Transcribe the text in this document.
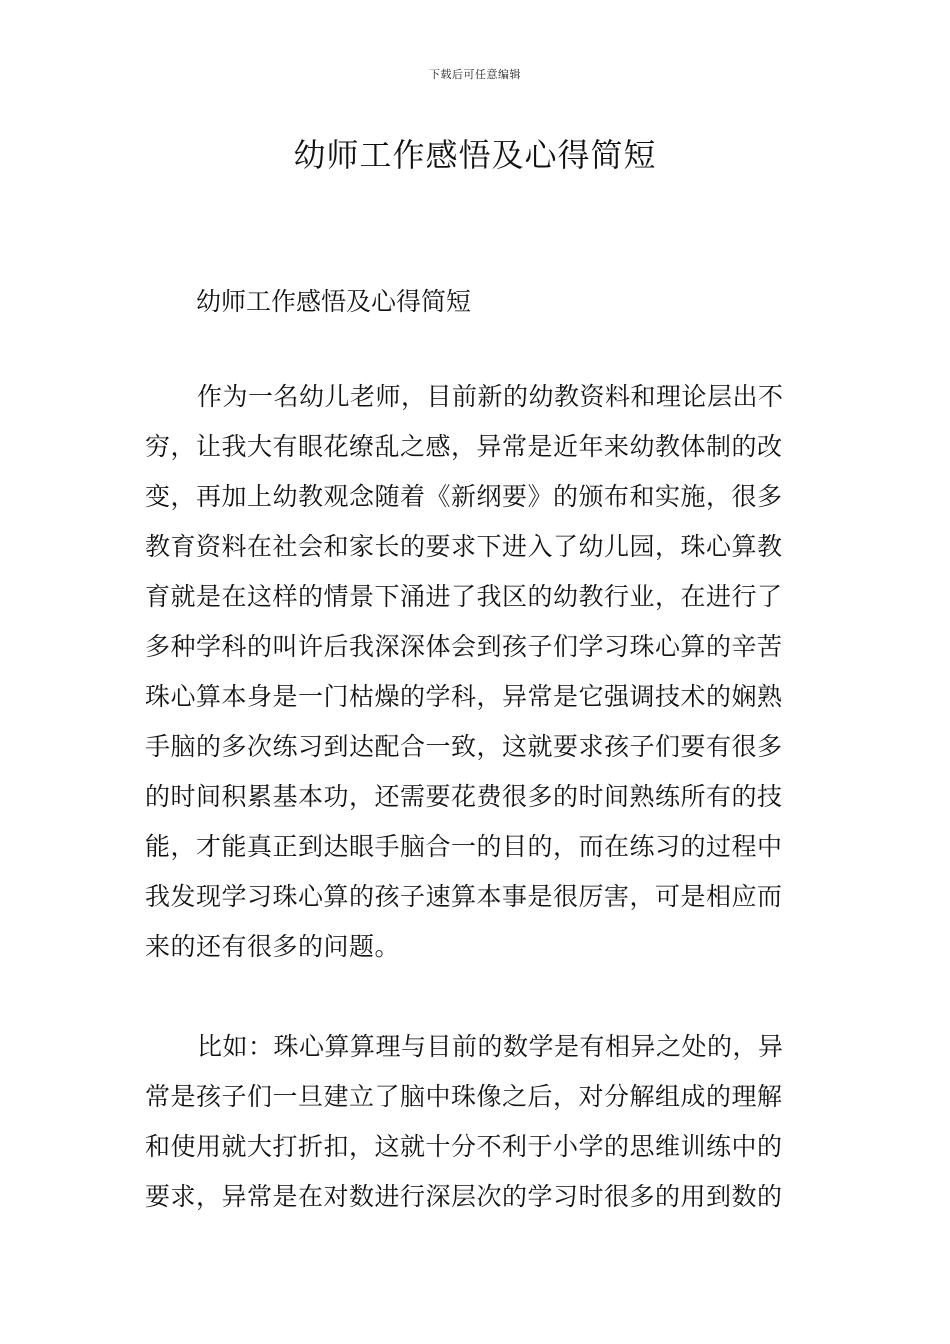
下载后可任意编辑
幼师工作感悟及心得简短

幼师工作感悟及心得简短

作为一名幼儿老师，目前新的幼教资料和理论层出不
穷，让我大有眼花缭乱之感，异常是近年来幼教体制的改
变，再加上幼教观念随着《新纲要》的颁布和实施，很多
教育资料在社会和家长的要求下进入了幼儿园，珠心算教
育就是在这样的情景下涌进了我区的幼教行业，在进行了
多种学科的叫许后我深深体会到孩子们学习珠心算的辛苦
珠心算本身是一门枯燥的学科，异常是它强调技术的娴熟
手脑的多次练习到达配合一致，这就要求孩子们要有很多
的时间积累基本功，还需要花费很多的时间熟练所有的技
能，才能真正到达眼手脑合一的目的，而在练习的过程中
我发现学习珠心算的孩子速算本事是很厉害，可是相应而
来的还有很多的问题。
比如：珠心算算理与目前的数学是有相异之处的，异
常是孩子们一旦建立了脑中珠像之后，对分解组成的理解
和使用就大打折扣，这就十分不利于小学的思维训练中的
要求，异常是在对数进行深层次的学习时很多的用到数的
